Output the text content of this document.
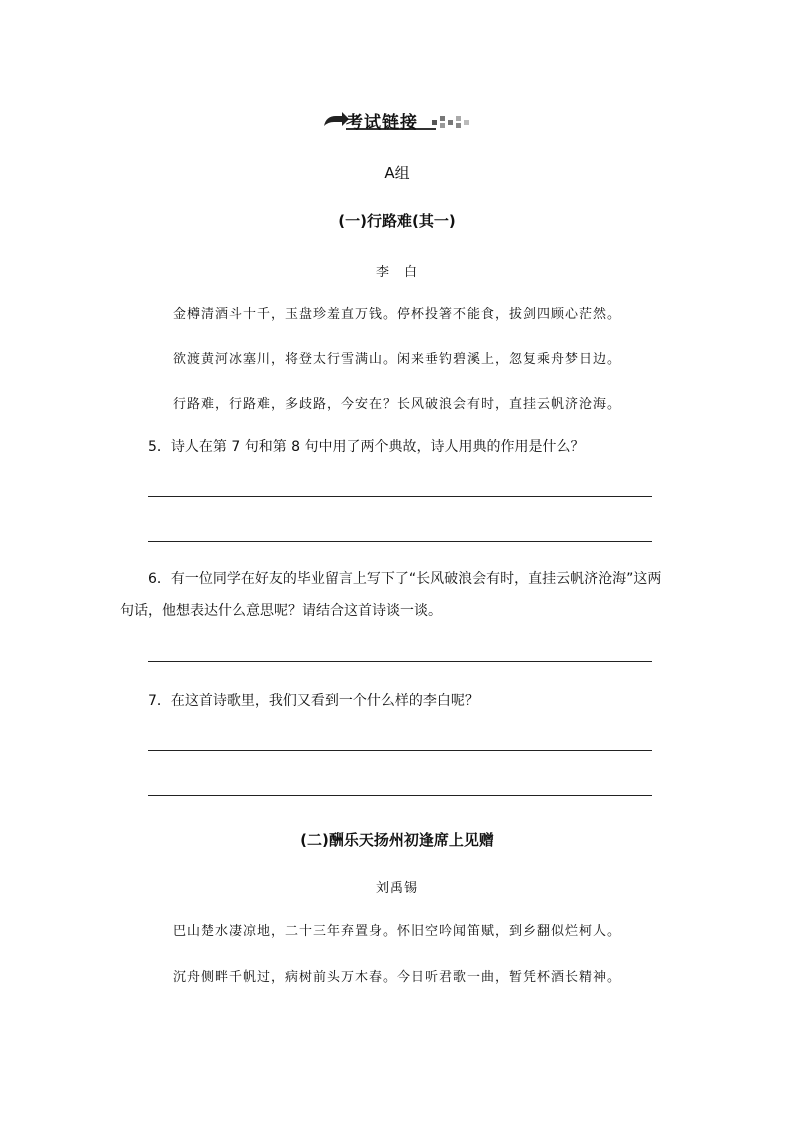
考试链接
A组
(一)行路难(其一)
李　白
金樽清酒斗十千，玉盘珍羞直万钱。停杯投箸不能食，拔剑四顾心茫然。
欲渡黄河冰塞川，将登太行雪满山。闲来垂钓碧溪上，忽复乘舟梦日边。
行路难，行路难，多歧路，今安在？长风破浪会有时，直挂云帆济沧海。
5．诗人在第 7 句和第 8 句中用了两个典故，诗人用典的作用是什么？
6．有一位同学在好友的毕业留言上写下了“长风破浪会有时，直挂云帆济沧海”这两
句话，他想表达什么意思呢？请结合这首诗谈一谈。
7．在这首诗歌里，我们又看到一个什么样的李白呢？
(二)酬乐天扬州初逢席上见赠
刘禹锡
巴山楚水凄凉地，二十三年弃置身。怀旧空吟闻笛赋，到乡翻似烂柯人。
沉舟侧畔千帆过，病树前头万木春。今日听君歌一曲，暂凭杯酒长精神。
